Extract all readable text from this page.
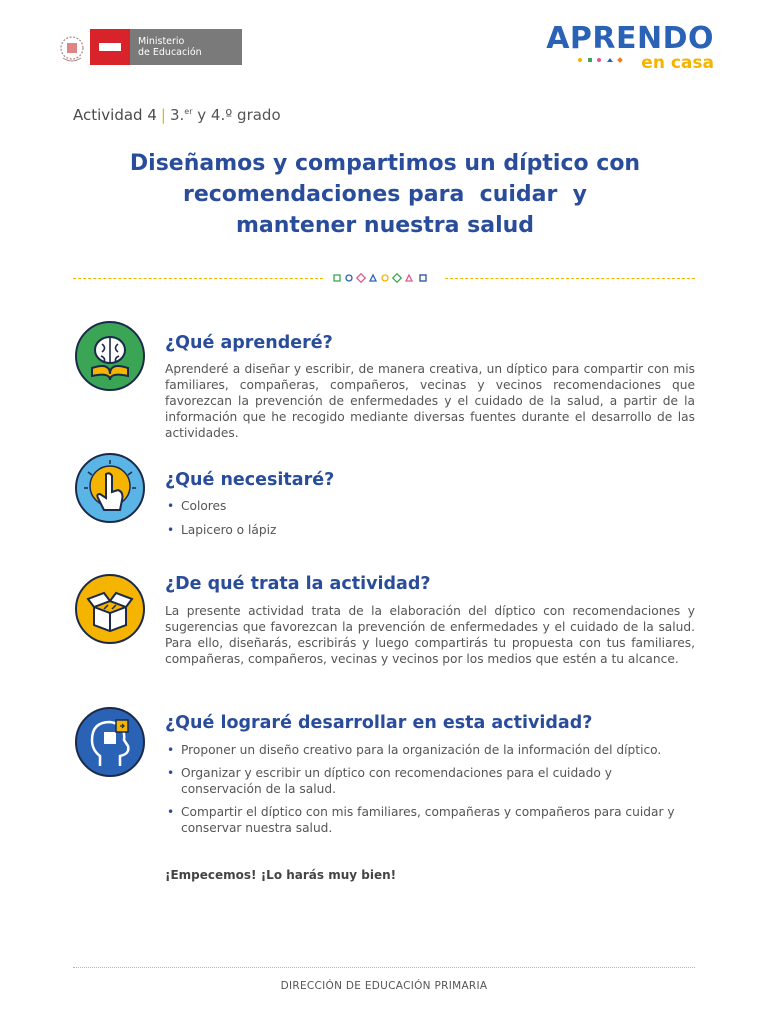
Ministerio
de Educación	APRENDO
en casa
Actividad 4 | 3.$^{er}$ y 4.º grado
Diseñamos y compartimos un díptico con
recomendaciones para  cuidar  y
mantener nuestra salud
¿Qué aprenderé?
Aprenderé a diseñar y escribir, de manera creativa, un díptico para compartir con mis familiares, compañeras, compañeros, vecinas y vecinos recomendaciones que favorezcan la prevención de enfermedades y el cuidado de la salud, a partir de la información que he recogido mediante diversas fuentes durante el desarrollo de las actividades.
¿Qué necesitaré?
• Colores
• Lapicero o lápiz
¿De qué trata la actividad?
La presente actividad trata de la elaboración del díptico con recomendaciones y sugerencias que favorezcan la prevención de enfermedades y el cuidado de la salud. Para ello, diseñarás, escribirás y luego compartirás tu propuesta con tus familiares, compañeras, compañeros, vecinas y vecinos por los medios que estén a tu alcance.
¿Qué lograré desarrollar en esta actividad?
• Proponer un diseño creativo para la organización de la información del díptico.
• Organizar y escribir un díptico con recomendaciones para el cuidado y conservación de la salud.
• Compartir el díptico con mis familiares, compañeras y compañeros para cuidar y conservar nuestra salud.
¡Empecemos! ¡Lo harás muy bien!
DIRECCIÓN DE EDUCACIÓN PRIMARIA
